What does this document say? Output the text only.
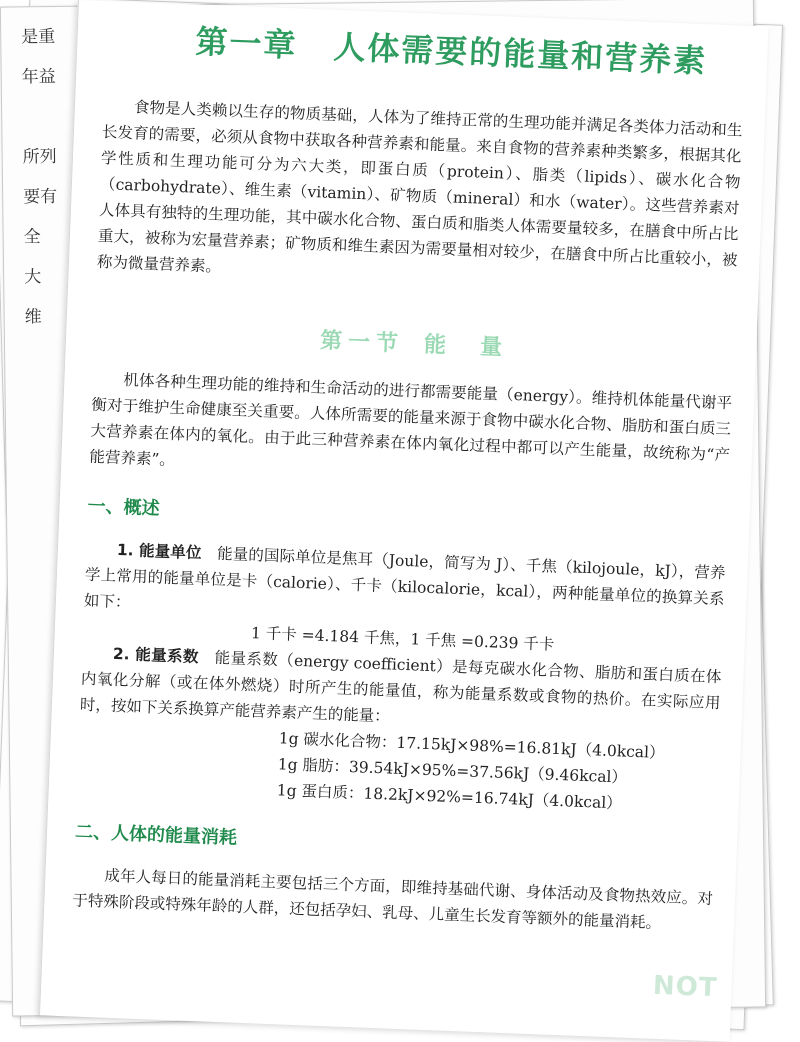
是重
年益
所列
要有
全
大
维
第一章 人体需要的能量和营养素

食物是人类赖以生存的物质基础，人体为了维持正常的生理功能并满足各类体力活动和生长发育的需要，必须从食物中获取各种营养素和能量。来自食物的营养素种类繁多，根据其化学性质和生理功能可分为六大类，即蛋白质（protein）、脂类（lipids）、碳水化合物（carbohydrate）、维生素（vitamin）、矿物质（mineral）和水（water）。这些营养素对人体具有独特的生理功能，其中碳水化合物、蛋白质和脂类人体需要量较多，在膳食中所占比重大，被称为宏量营养素；矿物质和维生素因为需要量相对较少，在膳食中所占比重较小，被称为微量营养素。

第一节 能　量

机体各种生理功能的维持和生命活动的进行都需要能量（energy）。维持机体能量代谢平衡对于维护生命健康至关重要。人体所需要的能量来源于食物中碳水化合物、脂肪和蛋白质三大营养素在体内的氧化。由于此三种营养素在体内氧化过程中都可以产生能量，故统称为“产能营养素”。

一、概述

1. 能量单位　 能量的国际单位是焦耳（Joule，简写为 J）、千焦（kilojoule，kJ），营养学上常用的能量单位是卡（calorie）、千卡（kilocalorie，kcal），两种能量单位的换算关系如下：

1 千卡 =4.184 千焦，1 千焦 =0.239 千卡

2. 能量系数　 能量系数（energy coefficient）是每克碳水化合物、脂肪和蛋白质在体内氧化分解（或在体外燃烧）时所产生的能量值，称为能量系数或食物的热价。在实际应用时，按如下关系换算产能营养素产生的能量：

1g 碳水化合物：17.15kJ×98%=16.81kJ（4.0kcal）
1g 脂肪：39.54kJ×95%=37.56kJ（9.46kcal）
1g 蛋白质：18.2kJ×92%=16.74kJ（4.0kcal）
二、人体的能量消耗

成年人每日的能量消耗主要包括三个方面，即维持基础代谢、身体活动及食物热效应。对于特殊阶段或特殊年龄的人群，还包括孕妇、乳母、儿童生长发育等额外的能量消耗。

NOT
